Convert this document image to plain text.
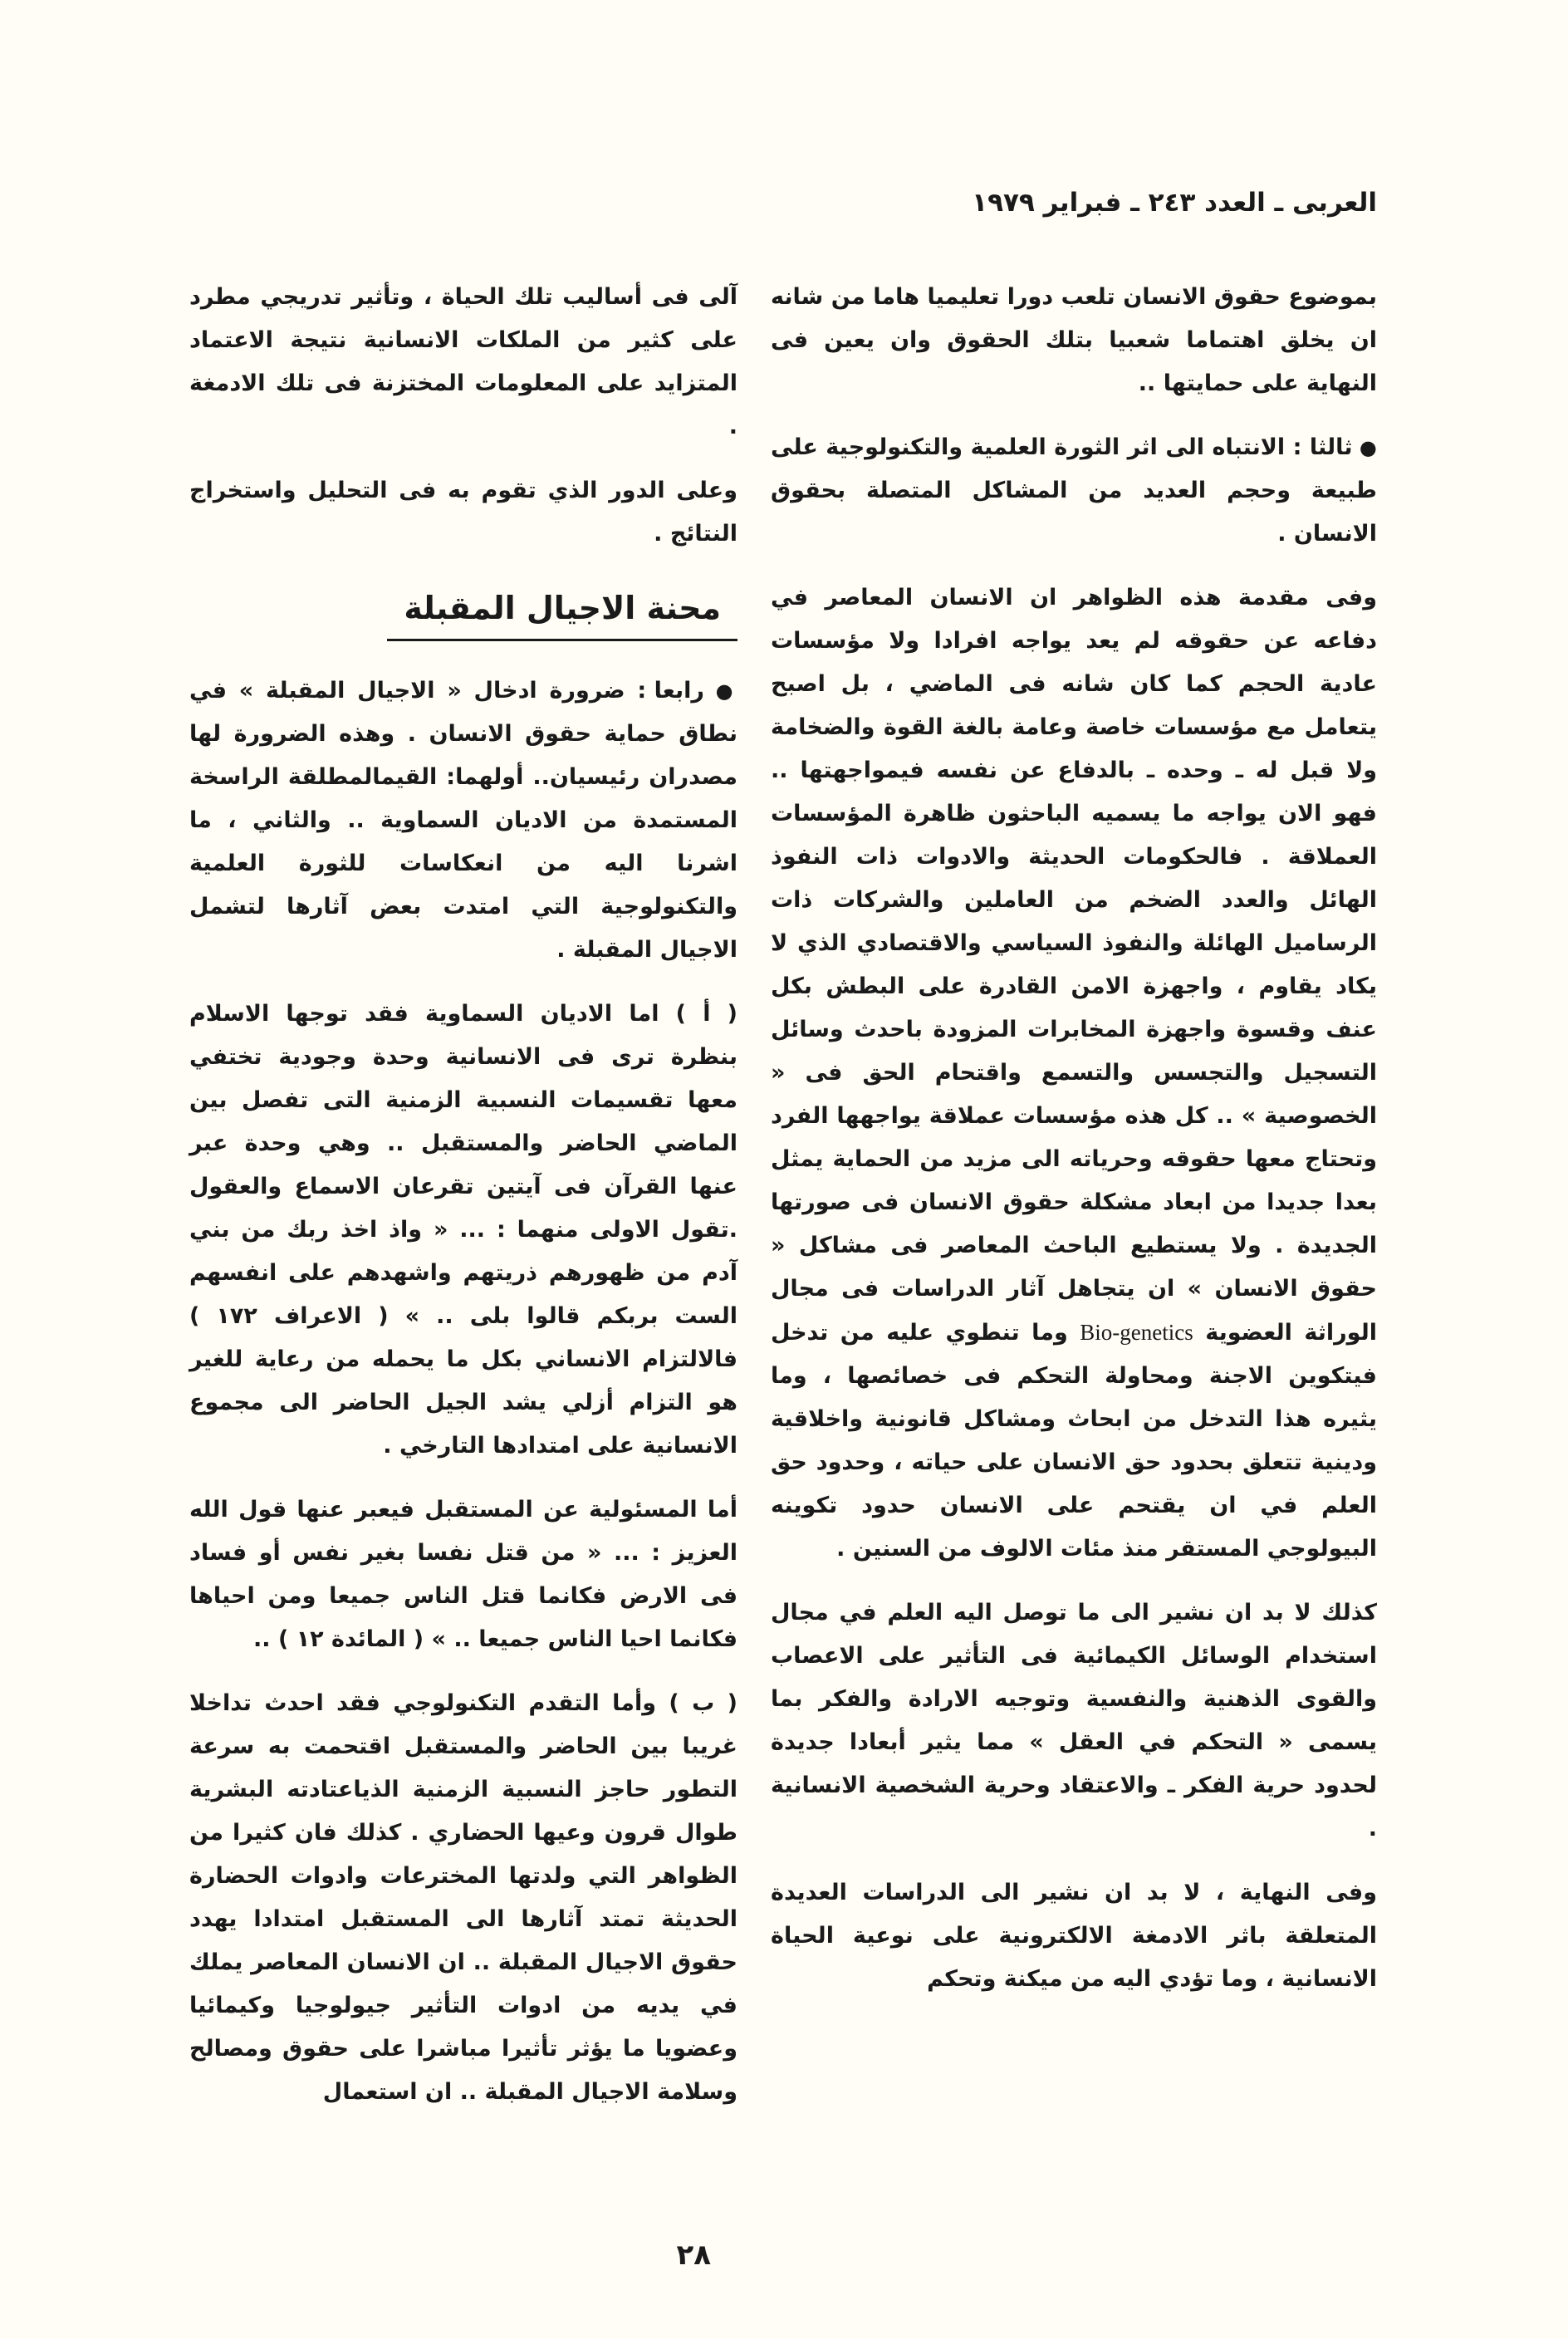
العربى ـ العدد ٢٤٣ ـ فبراير ١٩٧٩

بموضوع حقوق الانسان تلعب دورا تعليميا هاما من شانه ان يخلق اهتماما شعبيا بتلك الحقوق وان يعين فى النهاية على حمايتها ..

● ثالثا : الانتباه الى اثر الثورة العلمية والتكنولوجية على طبيعة وحجم العديد من المشاكل المتصلة بحقوق الانسان .

وفى مقدمة هذه الظواهر ان الانسان المعاصر في دفاعه عن حقوقه لم يعد يواجه افرادا ولا مؤسسات عادية الحجم كما كان شانه فى الماضي ، بل اصبح يتعامل مع مؤسسات خاصة وعامة بالغة القوة والضخامة ولا قبل له ـ وحده ـ بالدفاع عن نفسه فيمواجهتها .. فهو الان يواجه ما يسميه الباحثون ظاهرة المؤسسات العملاقة . فالحكومات الحديثة والادوات ذات النفوذ الهائل والعدد الضخم من العاملين والشركات ذات الرساميل الهائلة والنفوذ السياسي والاقتصادي الذي لا يكاد يقاوم ، واجهزة الامن القادرة على البطش بكل عنف وقسوة واجهزة المخابرات المزودة باحدث وسائل التسجيل والتجسس والتسمع واقتحام الحق فى « الخصوصية » .. كل هذه مؤسسات عملاقة يواجهها الفرد وتحتاج معها حقوقه وحرياته الى مزيد من الحماية يمثل بعدا جديدا من ابعاد مشكلة حقوق الانسان فى صورتها الجديدة . ولا يستطيع الباحث المعاصر فى مشاكل « حقوق الانسان » ان يتجاهل آثار الدراسات فى مجال الوراثة العضوية Bio-genetics وما تنطوي عليه من تدخل فيتكوين الاجنة ومحاولة التحكم فى خصائصها ، وما يثيره هذا التدخل من ابحاث ومشاكل قانونية واخلاقية ودينية تتعلق بحدود حق الانسان على حياته ، وحدود حق العلم في ان يقتحم على الانسان حدود تكوينه البيولوجي المستقر منذ مئات الالوف من السنين .

كذلك لا بد ان نشير الى ما توصل اليه العلم في مجال استخدام الوسائل الكيمائية فى التأثير على الاعصاب والقوى الذهنية والنفسية وتوجيه الارادة والفكر بما يسمى « التحكم في العقل » مما يثير أبعادا جديدة لحدود حرية الفكر ـ والاعتقاد وحرية الشخصية الانسانية .

وفى النهاية ، لا بد ان نشير الى الدراسات العديدة المتعلقة باثر الادمغة الالكترونية على نوعية الحياة الانسانية ، وما تؤدي اليه من ميكنة وتحكم

آلى فى أساليب تلك الحياة ، وتأثير تدريجي مطرد على كثير من الملكات الانسانية نتيجة الاعتماد المتزايد على المعلومات المختزنة فى تلك الادمغة .

وعلى الدور الذي تقوم به فى التحليل واستخراج النتائج .

محنة الاجيال المقبلة

● رابعا : ضرورة ادخال « الاجيال المقبلة » في نطاق حماية حقوق الانسان . وهذه الضرورة لها مصدران رئيسيان.. أولهما: القيمالمطلقة الراسخة المستمدة من الاديان السماوية .. والثاني ، ما اشرنا اليه من انعكاسات للثورة العلمية والتكنولوجية التي امتدت بعض آثارها لتشمل الاجيال المقبلة .

( أ ) اما الاديان السماوية فقد توجها الاسلام بنظرة ترى فى الانسانية وحدة وجودية تختفي معها تقسيمات النسبية الزمنية التى تفصل بين الماضي الحاضر والمستقبل .. وهي وحدة عبر عنها القرآن فى آيتين تقرعان الاسماع والعقول .تقول الاولى منهما : ... « واذ اخذ ربك من بني آدم من ظهورهم ذريتهم واشهدهم على انفسهم الست بربكم قالوا بلى .. » ( الاعراف ١٧٢ ) فالالتزام الانساني بكل ما يحمله من رعاية للغير هو التزام أزلي يشد الجيل الحاضر الى مجموع الانسانية على امتدادها التارخي .

أما المسئولية عن المستقبل فيعبر عنها قول الله العزيز : ... « من قتل نفسا بغير نفس أو فساد فى الارض فكانما قتل الناس جميعا ومن احياها فكانما احيا الناس جميعا .. » ( المائدة ١٢ ) ..

( ب ) وأما التقدم التكنولوجي فقد احدث تداخلا غريبا بين الحاضر والمستقبل اقتحمت به سرعة التطور حاجز النسبية الزمنية الذياعتادته البشرية طوال قرون وعيها الحضاري . كذلك فان كثيرا من الظواهر التي ولدتها المخترعات وادوات الحضارة الحديثة تمتد آثارها الى المستقبل امتدادا يهدد حقوق الاجيال المقبلة .. ان الانسان المعاصر يملك في يديه من ادوات التأثير جيولوجيا وكيمائيا وعضويا ما يؤثر تأثيرا مباشرا على حقوق ومصالح وسلامة الاجيال المقبلة .. ان استعمال

٢٨
